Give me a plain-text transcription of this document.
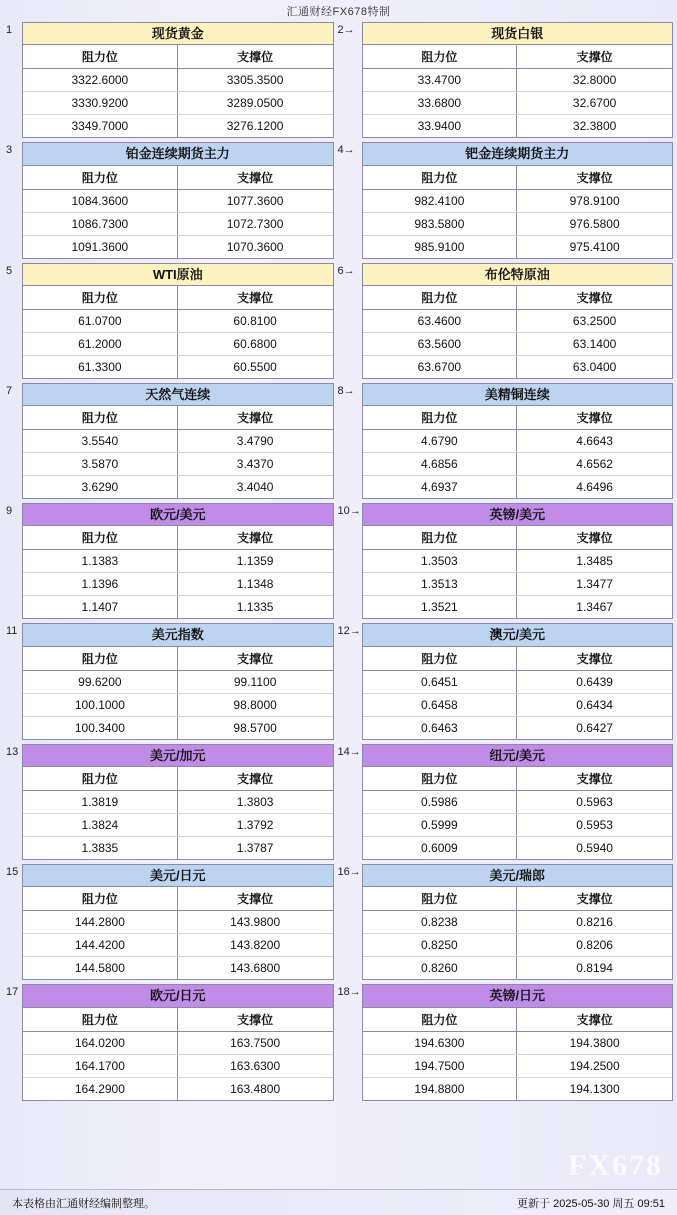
汇通财经FX678特制
1	现货黄金
阻力位	支撑位
3322.6000	3305.3500
3330.9200	3289.0500
3349.7000	3276.1200
2→	现货白银
阻力位	支撑位
33.4700	32.8000
33.6800	32.6700
33.9400	32.3800
3	铂金连续期货主力
阻力位	支撑位
1084.3600	1077.3600
1086.7300	1072.7300
1091.3600	1070.3600
4→	钯金连续期货主力
阻力位	支撑位
982.4100	978.9100
983.5800	976.5800
985.9100	975.4100
5	WTI原油
阻力位	支撑位
61.0700	60.8100
61.2000	60.6800
61.3300	60.5500
6→	布伦特原油
阻力位	支撑位
63.4600	63.2500
63.5600	63.1400
63.6700	63.0400
7	天然气连续
阻力位	支撑位
3.5540	3.4790
3.5870	3.4370
3.6290	3.4040
8→	美精铜连续
阻力位	支撑位
4.6790	4.6643
4.6856	4.6562
4.6937	4.6496
9	欧元/美元
阻力位	支撑位
1.1383	1.1359
1.1396	1.1348
1.1407	1.1335
10→	英镑/美元
阻力位	支撑位
1.3503	1.3485
1.3513	1.3477
1.3521	1.3467
11	美元指数
阻力位	支撑位
99.6200	99.1100
100.1000	98.8000
100.3400	98.5700
12→	澳元/美元
阻力位	支撑位
0.6451	0.6439
0.6458	0.6434
0.6463	0.6427
13	美元/加元
阻力位	支撑位
1.3819	1.3803
1.3824	1.3792
1.3835	1.3787
14→	纽元/美元
阻力位	支撑位
0.5986	0.5963
0.5999	0.5953
0.6009	0.5940
15	美元/日元
阻力位	支撑位
144.2800	143.9800
144.4200	143.8200
144.5800	143.6800
16→	美元/瑞郎
阻力位	支撑位
0.8238	0.8216
0.8250	0.8206
0.8260	0.8194
17	欧元/日元
阻力位	支撑位
164.0200	163.7500
164.1700	163.6300
164.2900	163.4800
18→	英镑/日元
阻力位	支撑位
194.6300	194.3800
194.7500	194.2500
194.8800	194.1300
FX678
本表格由汇通财经编制整理。	更新于 2025-05-30 周五 09:51
